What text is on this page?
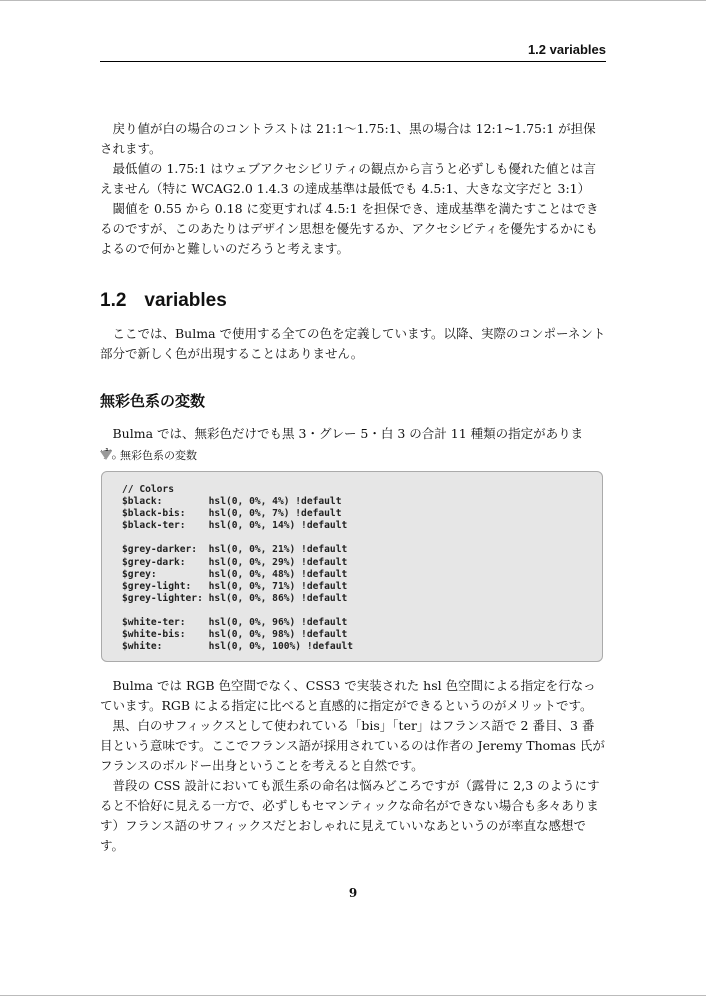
1.2 variables

戻り値が白の場合のコントラストは 21:1〜1.75:1、黒の場合は 12:1~1.75:1 が担保されます。

最低値の 1.75:1 はウェブアクセシビリティの観点から言うと必ずしも優れた値とは言えません（特に WCAG2.0 1.4.3 の達成基準は最低でも 4.5:1、大きな文字だと 3:1）

閾値を 0.55 から 0.18 に変更すれば 4.5:1 を担保でき、達成基準を満たすことはできるのですが、このあたりはデザイン思想を優先するか、アクセシビティを優先するかにもよるので何かと難しいのだろうと考えます。

1.2 variables

ここでは、Bulma で使用する全ての色を定義しています。以降、実際のコンポーネント部分で新しく色が出現することはありません。

無彩色系の変数

Bulma では、無彩色だけでも黒 3・グレー 5・白 3 の合計 11 種類の指定があります。

無彩色系の変数
// Colors
$black:        hsl(0, 0%, 4%) !default
$black-bis:    hsl(0, 0%, 7%) !default
$black-ter:    hsl(0, 0%, 14%) !default

$grey-darker:  hsl(0, 0%, 21%) !default
$grey-dark:    hsl(0, 0%, 29%) !default
$grey:         hsl(0, 0%, 48%) !default
$grey-light:   hsl(0, 0%, 71%) !default
$grey-lighter: hsl(0, 0%, 86%) !default

$white-ter:    hsl(0, 0%, 96%) !default
$white-bis:    hsl(0, 0%, 98%) !default
$white:        hsl(0, 0%, 100%) !default

Bulma では RGB 色空間でなく、CSS3 で実装された hsl 色空間による指定を行なっています。RGB による指定に比べると直感的に指定ができるというのがメリットです。

黒、白のサフィックスとして使われている「bis」「ter」はフランス語で 2 番目、3 番目という意味です。ここでフランス語が採用されているのは作者の Jeremy Thomas 氏がフランスのボルドー出身ということを考えると自然です。

普段の CSS 設計においても派生系の命名は悩みどころですが（露骨に 2,3 のようにすると不恰好に見える一方で、必ずしもセマンティックな命名ができない場合も多々あります）フランス語のサフィックスだとおしゃれに見えていいなあというのが率直な感想です。

9
